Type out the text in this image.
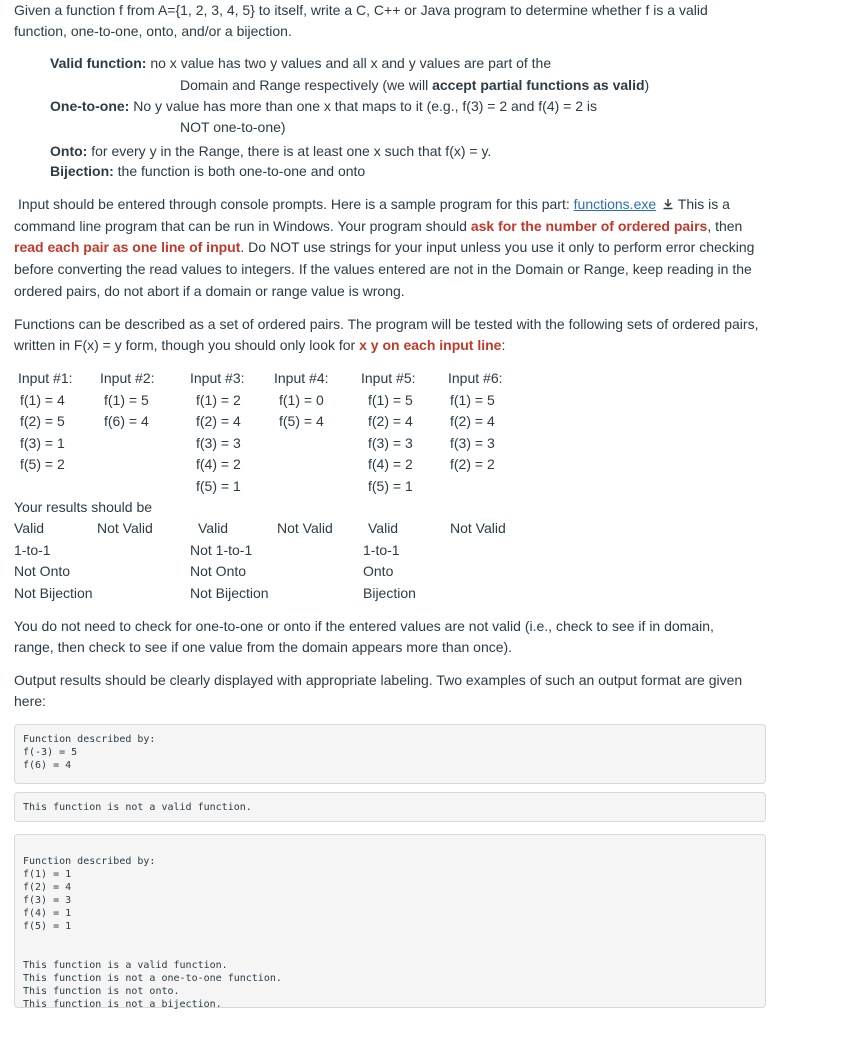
Given a function f from A={1, 2, 3, 4, 5} to itself, write a C, C++ or Java program to determine whether f is a valid
function, one-to-one, onto, and/or a bijection.
Valid function: no x value has two y values and all x and y values are part of the
Domain and Range respectively (we will accept partial functions as valid)
One-to-one: No y value has more than one x that maps to it (e.g., f(3) = 2 and f(4) = 2 is
NOT one-to-one)
Onto: for every y in the Range, there is at least one x such that f(x) = y.
Bijection: the function is both one-to-one and onto
Input should be entered through console prompts. Here is a sample program for this part: functions.exe This is a
command line program that can be run in Windows. Your program should ask for the number of ordered pairs, then
read each pair as one line of input. Do NOT use strings for your input unless you use it only to perform error checking
before converting the read values to integers. If the values entered are not in the Domain or Range, keep reading in the
ordered pairs, do not abort if a domain or range value is wrong.
Functions can be described as a set of ordered pairs. The program will be tested with the following sets of ordered pairs,
written in F(x) = y form, though you should only look for x y on each input line:
Input #1:
f(1) = 4
f(2) = 5
f(3) = 1
f(5) = 2
Input #2:
f(1) = 5
f(6) = 4
Input #3:
f(1) = 2
f(2) = 4
f(3) = 3
f(4) = 2
f(5) = 1
Input #4:
f(1) = 0
f(5) = 4
Input #5:
f(1) = 5
f(2) = 4
f(3) = 3
f(4) = 2
f(5) = 1
Input #6:
f(1) = 5
f(2) = 4
f(3) = 3
f(2) = 2
Your results should be
Valid
1-to-1
Not Onto
Not Bijection
Not Valid	Valid
Not 1-to-1
Not Onto
Not Bijection
Not Valid	Valid
1-to-1
Onto
Bijection
Not Valid
You do not need to check for one-to-one or onto if the entered values are not valid (i.e., check to see if in domain,
range, then check to see if one value from the domain appears more than once).
Output results should be clearly displayed with appropriate labeling. Two examples of such an output format are given
here:
Function described by:
f(-3) = 5
f(6) = 4
This function is not a valid function.
Function described by:
f(1) = 1
f(2) = 4
f(3) = 3
f(4) = 1
f(5) = 1

This function is a valid function.
This function is not a one-to-one function.
This function is not onto.
This function is not a bijection.
